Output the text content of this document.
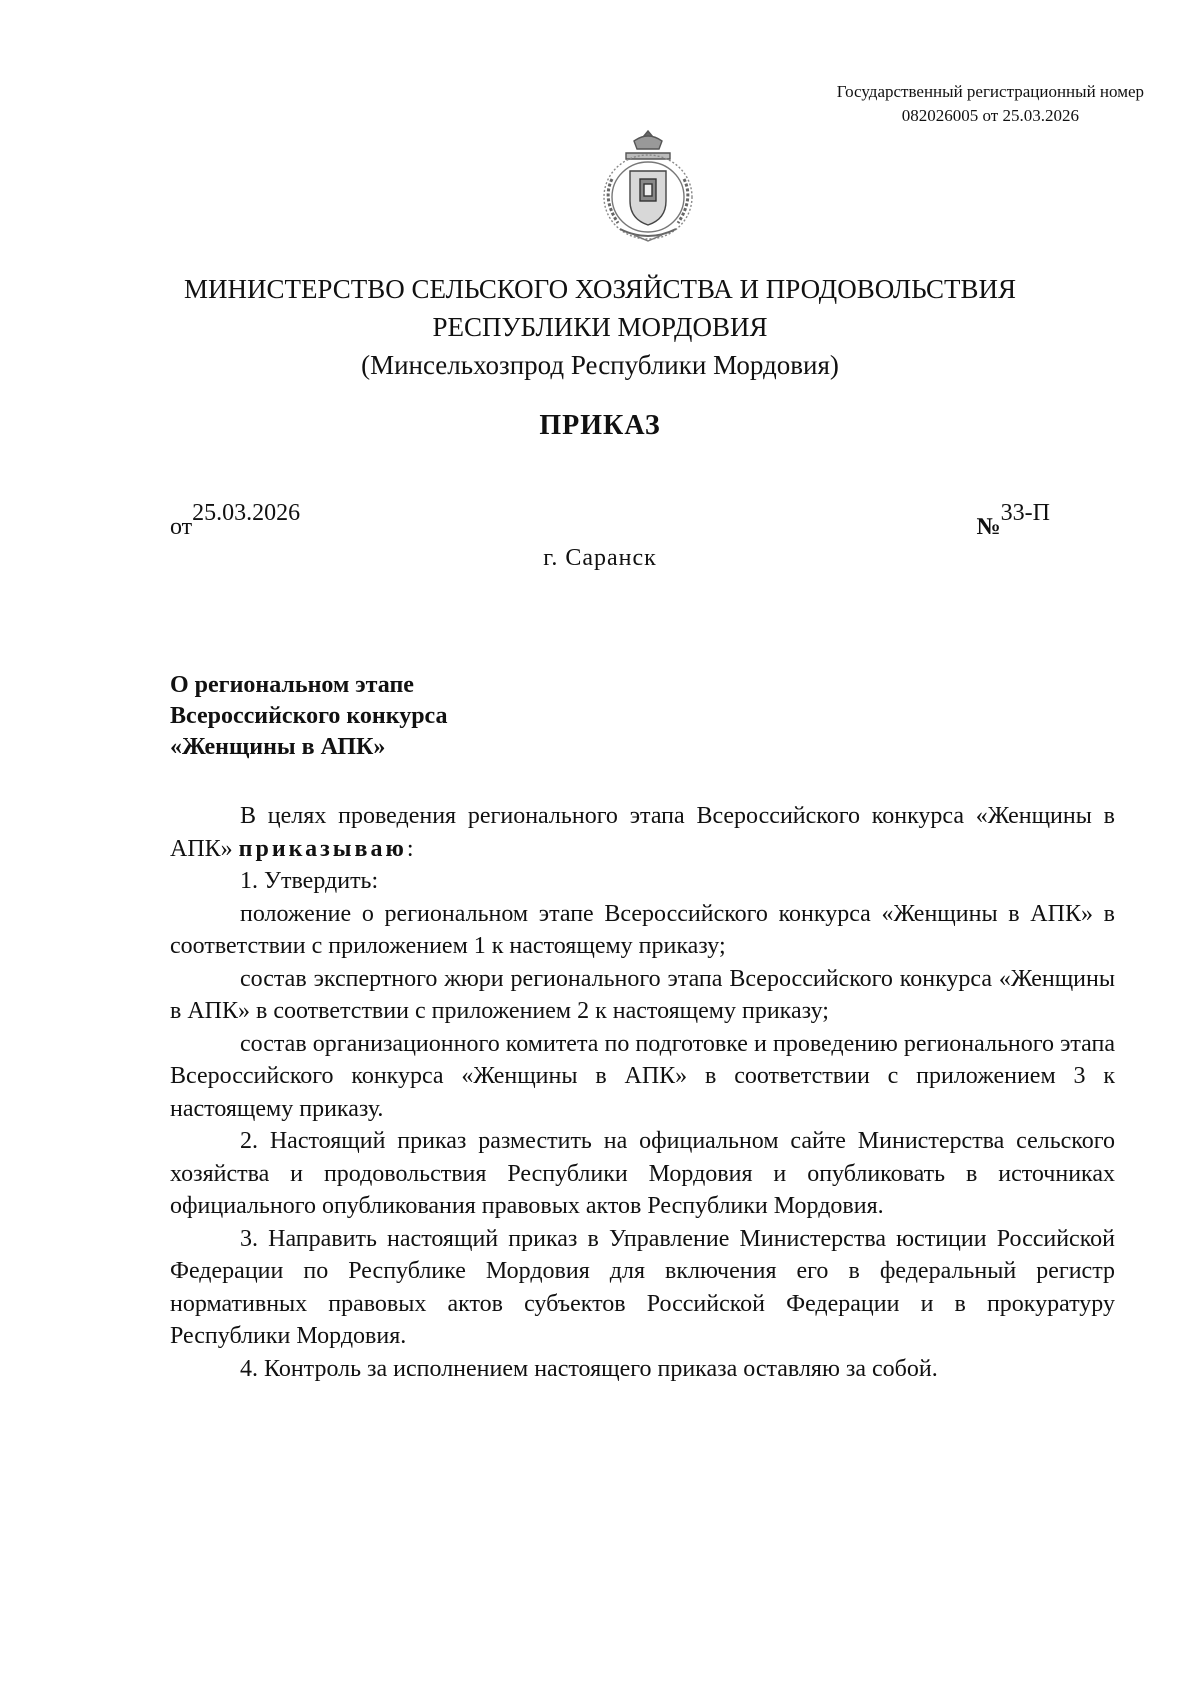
Государственный регистрационный номер
082026005 от 25.03.2026
МИНИСТЕРСТВО СЕЛЬСКОГО ХОЗЯЙСТВА И ПРОДОВОЛЬСТВИЯ
РЕСПУБЛИКИ МОРДОВИЯ
(Минсельхозпрод Республики Мордовия)
ПРИКАЗ
от25.03.2026
№33-П
г. Саранск
О региональном этапе
Всероссийского конкурса
«Женщины в АПК»

В целях проведения регионального этапа Всероссийского конкурса «Женщины в АПК» приказываю:

1. Утвердить:

положение о региональном этапе Всероссийского конкурса «Женщины в АПК» в соответствии с приложением 1 к настоящему приказу;

состав экспертного жюри регионального этапа Всероссийского конкурса «Женщины в АПК» в соответствии с приложением 2 к настоящему приказу;

состав организационного комитета по подготовке и проведению регионального этапа Всероссийского конкурса «Женщины в АПК» в соответствии с приложением 3 к настоящему приказу.

2. Настоящий приказ разместить на официальном сайте Министерства сельского хозяйства и продовольствия Республики Мордовия и опубликовать в источниках официального опубликования правовых актов Республики Мордовия.

3. Направить настоящий приказ в Управление Министерства юстиции Российской Федерации по Республике Мордовия для включения его в федеральный регистр нормативных правовых актов субъектов Российской Федерации и в прокуратуру Республики Мордовия.

4. Контроль за исполнением настоящего приказа оставляю за собой.
